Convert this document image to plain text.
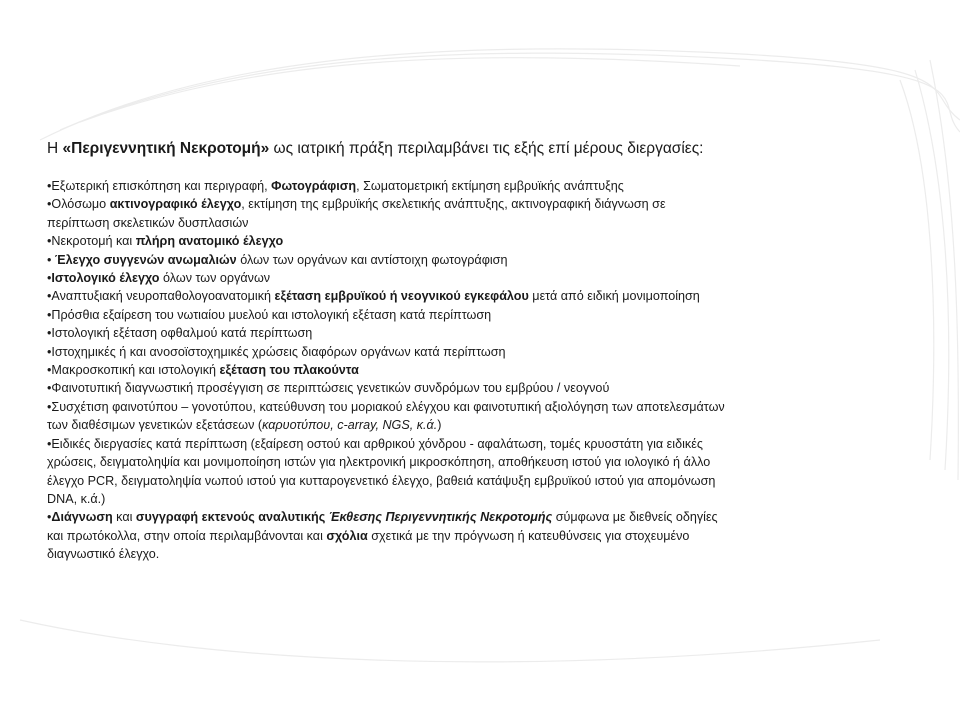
Η «Περιγεννητική Νεκροτομή» ως ιατρική πράξη περιλαμβάνει τις εξής επί μέρους διεργασίες:

•Εξωτερική επισκόπηση και περιγραφή, Φωτογράφιση, Σωματομετρική εκτίμηση εμβρυϊκής ανάπτυξης
•Ολόσωμο ακτινογραφικό έλεγχο, εκτίμηση της εμβρυϊκής σκελετικής ανάπτυξης, ακτινογραφική διάγνωση σε περίπτωση σκελετικών δυσπλασιών
•Νεκροτομή και πλήρη ανατομικό έλεγχο
• Έλεγχο συγγενών ανωμαλιών όλων των οργάνων και αντίστοιχη φωτογράφιση
•Ιστολογικό έλεγχο όλων των οργάνων
•Αναπτυξιακή νευροπαθολογοανατομική εξέταση εμβρυϊκού ή νεογνικού εγκεφάλου μετά από ειδική μονιμοποίηση
•Πρόσθια εξαίρεση του νωτιαίου μυελού και ιστολογική εξέταση κατά περίπτωση
•Ιστολογική εξέταση οφθαλμού κατά περίπτωση
•Ιστοχημικές ή και ανοσοϊστοχημικές χρώσεις διαφόρων οργάνων κατά περίπτωση
•Μακροσκοπική και ιστολογική εξέταση του πλακούντα
•Φαινοτυπική διαγνωστική προσέγγιση σε περιπτώσεις γενετικών συνδρόμων του εμβρύου / νεογνού
•Συσχέτιση φαινοτύπου – γονοτύπου, κατεύθυνση του μοριακού ελέγχου και φαινοτυπική αξιολόγηση των αποτελεσμάτων των διαθέσιμων γενετικών εξετάσεων (καρυοτύπου, c-array, NGS, κ.ά.)
•Ειδικές διεργασίες κατά περίπτωση (εξαίρεση οστού και αρθρικού χόνδρου - αφαλάτωση, τομές κρυοστάτη για ειδικές χρώσεις, δειγματοληψία και μονιμοποίηση ιστών για ηλεκτρονική μικροσκόπηση, αποθήκευση ιστού για ιολογικό ή άλλο έλεγχο PCR, δειγματοληψία νωπού ιστού για κυτταρογενετικό έλεγχο, βαθειά κατάψυξη εμβρυϊκού ιστού για απομόνωση DNA, κ.ά.)
•Διάγνωση και συγγραφή εκτενούς αναλυτικής Έκθεσης Περιγεννητικής Νεκροτομής σύμφωνα με διεθνείς οδηγίες και πρωτόκολλα, στην οποία περιλαμβάνονται και σχόλια σχετικά με την πρόγνωση ή κατευθύνσεις για στοχευμένο διαγνωστικό έλεγχο.
